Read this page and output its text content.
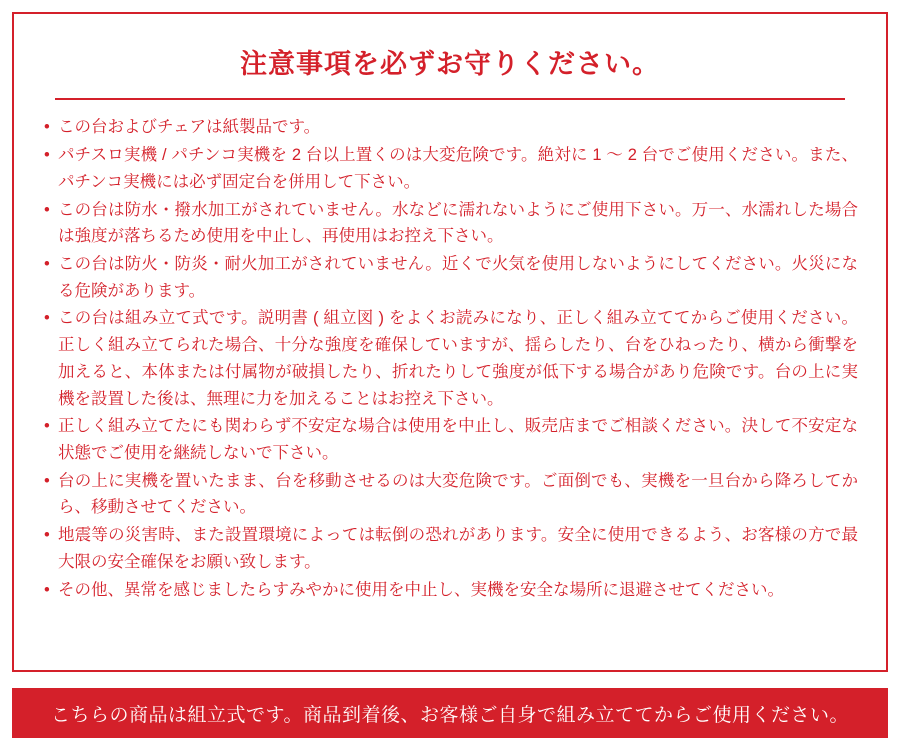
注意事項を必ずお守りください。
• この台およびチェアは紙製品です。
• パチスロ実機 / パチンコ実機を 2 台以上置くのは大変危険です。絶対に 1 ～ 2 台でご使用ください。また、パチンコ実機には必ず固定台を併用して下さい。
• この台は防水・撥水加工がされていません。水などに濡れないようにご使用下さい。万一、水濡れした場合は強度が落ちるため使用を中止し、再使用はお控え下さい。
• この台は防火・防炎・耐火加工がされていません。近くで火気を使用しないようにしてください。火災になる危険があります。
• この台は組み立て式です。説明書 ( 組立図 ) をよくお読みになり、正しく組み立ててからご使用ください。正しく組み立てられた場合、十分な強度を確保していますが、揺らしたり、台をひねったり、横から衝撃を加えると、本体または付属物が破損したり、折れたりして強度が低下する場合があり危険です。台の上に実機を設置した後は、無理に力を加えることはお控え下さい。
• 正しく組み立てたにも関わらず不安定な場合は使用を中止し、販売店までご相談ください。決して不安定な状態でご使用を継続しないで下さい。
• 台の上に実機を置いたまま、台を移動させるのは大変危険です。ご面倒でも、実機を一旦台から降ろしてから、移動させてください。
• 地震等の災害時、また設置環境によっては転倒の恐れがあります。安全に使用できるよう、お客様の方で最大限の安全確保をお願い致します。
• その他、異常を感じましたらすみやかに使用を中止し、実機を安全な場所に退避させてください。
こちらの商品は組立式です。商品到着後、お客様ご自身で組み立ててからご使用ください。
